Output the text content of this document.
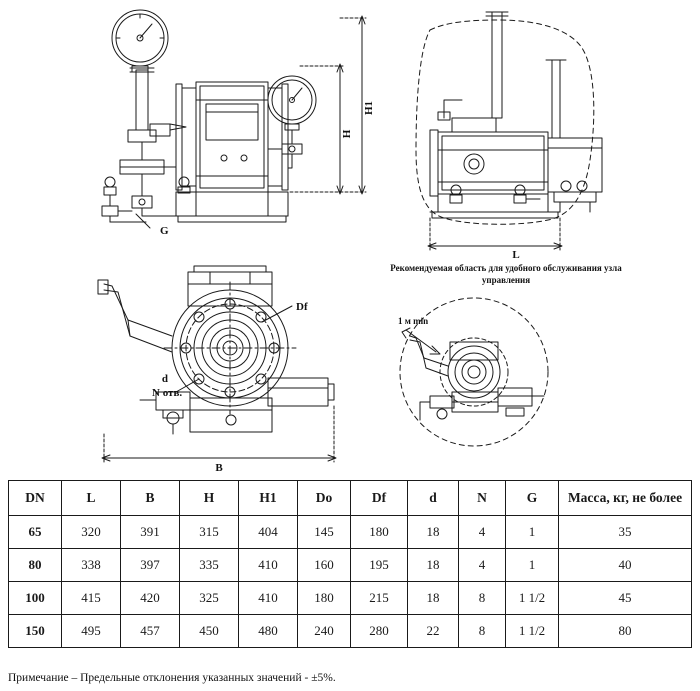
H1
H
G
L
B
Df
d
N отв.
1 м min
Рекомендуемая область для удобного обслуживания узла управления
DN	L	B	H	H1	Do	Df	d	N	G	Масса, кг, не более
65	320	391	315	404	145	180	18	4	1	35
80	338	397	335	410	160	195	18	4	1	40
100	415	420	325	410	180	215	18	8	1 1/2	45
150	495	457	450	480	240	280	22	8	1 1/2	80
Примечание – Предельные отклонения указанных значений - ±5%.
